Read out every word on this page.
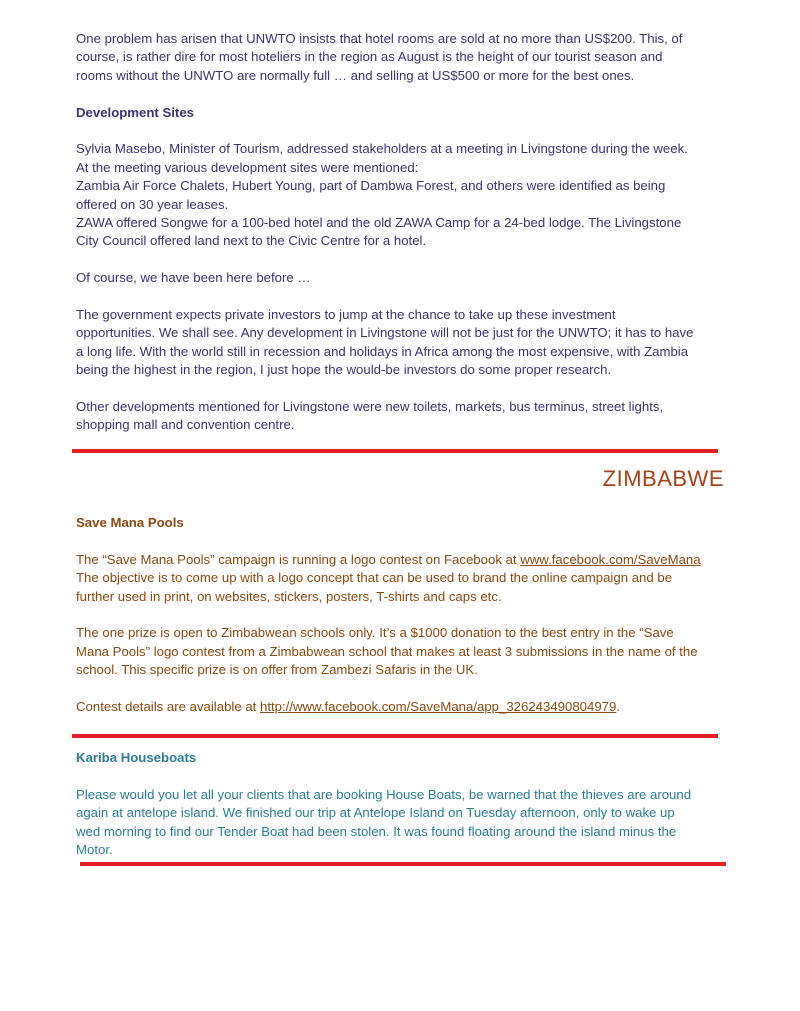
One problem has arisen that UNWTO insists that hotel rooms are sold at no more than US$200. This, of

course, is rather dire for most hoteliers in the region as August is the height of our tourist season and

rooms without the UNWTO are normally full … and selling at US$500 or more for the best ones.

Development Sites

Sylvia Masebo, Minister of Tourism, addressed stakeholders at a meeting in Livingstone during the week.

At the meeting various development sites were mentioned:

Zambia Air Force Chalets, Hubert Young, part of Dambwa Forest, and others were identified as being

offered on 30 year leases.

ZAWA offered Songwe for a 100-bed hotel and the old ZAWA Camp for a 24-bed lodge. The Livingstone

City Council offered land next to the Civic Centre for a hotel.

Of course, we have been here before …

The government expects private investors to jump at the chance to take up these investment

opportunities. We shall see. Any development in Livingstone will not be just for the UNWTO; it has to have

a long life. With the world still in recession and holidays in Africa among the most expensive, with Zambia

being the highest in the region, I just hope the would-be investors do some proper research.

Other developments mentioned for Livingstone were new toilets, markets, bus terminus, street lights,

shopping mall and convention centre.

ZIMBABWE

Save Mana Pools

The “Save Mana Pools” campaign is running a logo contest on Facebook at www.facebook.com/SaveMana

The objective is to come up with a logo concept that can be used to brand the online campaign and be

further used in print, on websites, stickers, posters, T-shirts and caps etc.

The one prize is open to Zimbabwean schools only. It’s a $1000 donation to the best entry in the “Save

Mana Pools” logo contest from a Zimbabwean school that makes at least 3 submissions in the name of the

school. This specific prize is on offer from Zambezi Safaris in the UK.

Contest details are available at http://www.facebook.com/SaveMana/app_326243490804979.

Kariba Houseboats

Please would you let all your clients that are booking House Boats, be warned that the thieves are around

again at antelope island. We finished our trip at Antelope Island on Tuesday afternoon, only to wake up

wed morning to find our Tender Boat had been stolen. It was found floating around the island minus the

Motor.
